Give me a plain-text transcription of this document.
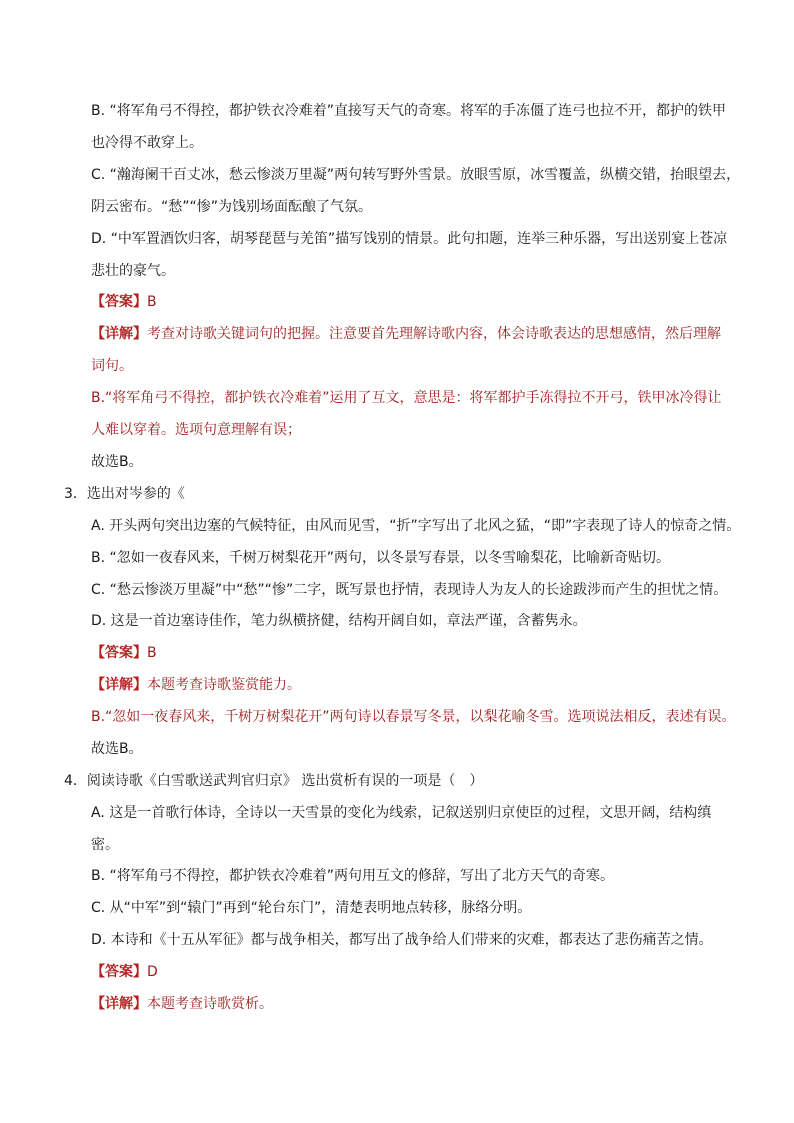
B. “将军角弓不得控，都护铁衣冷难着”直接写天气的奇寒。将军的手冻僵了连弓也拉不开，都护的铁甲
也冷得不敢穿上。
C. “瀚海阑干百丈冰，愁云惨淡万里凝”两句转写野外雪景。放眼雪原，冰雪覆盖，纵横交错，抬眼望去，
阴云密布。“愁”“惨”为饯别场面酝酿了气氛。
D. “中军置酒饮归客，胡琴琵琶与羌笛”描写饯别的情景。此句扣题，连举三种乐器，写出送别宴上苍凉
悲壮的豪气。
【答案】B
【详解】考查对诗歌关键词句的把握。注意要首先理解诗歌内容，体会诗歌表达的思想感情，然后理解
词句。
B.“将军角弓不得控，都护铁衣冷难着”运用了互文，意思是：将军都护手冻得拉不开弓，铁甲冰冷得让
人难以穿着。选项句意理解有误；
故选B。
3．选出对岑参的《
A. 开头两句突出边塞的气候特征，由风而见雪，“折”字写出了北风之猛，“即”字表现了诗人的惊奇之情。
B. “忽如一夜春风来，千树万树梨花开”两句，以冬景写春景，以冬雪喻梨花，比喻新奇贴切。
C. “愁云惨淡万里凝”中“愁”“惨”二字，既写景也抒情，表现诗人为友人的长途跋涉而产生的担忧之情。
D. 这是一首边塞诗佳作，笔力纵横挤健，结构开阔自如，章法严谨，含蓄隽永。
【答案】B
【详解】本题考查诗歌鉴赏能力。
B.“忽如一夜春风来，千树万树梨花开”两句诗以春景写冬景，以梨花喻冬雪。选项说法相反，表述有误。
故选B。
4．阅读诗歌《白雪歌送武判官归京》 选出赏析有误的一项是（　）
A. 这是一首歌行体诗，全诗以一天雪景的变化为线索，记叙送别归京使臣的过程，文思开阔，结构缜
密。
B. “将军角弓不得控，都护铁衣冷难着”两句用互文的修辞，写出了北方天气的奇寒。
C. 从“中军”到“辕门”再到“轮台东门”，清楚表明地点转移，脉络分明。
D. 本诗和《十五从军征》都与战争相关，都写出了战争给人们带来的灾难，都表达了悲伤痛苦之情。
【答案】D
【详解】本题考查诗歌赏析。
